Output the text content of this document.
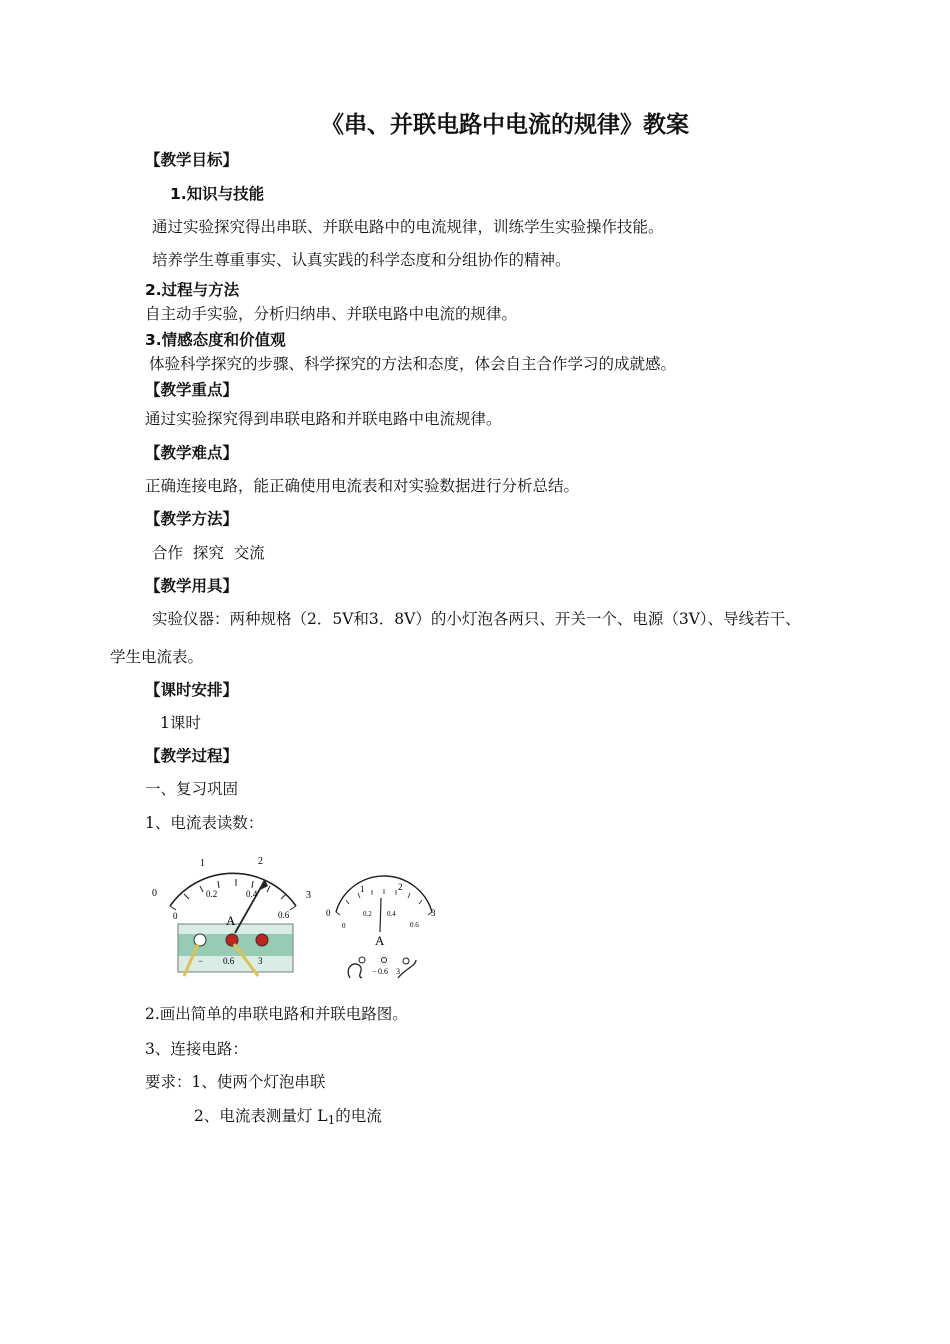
《串、并联电路中电流的规律》教案
【教学目标】
1.知识与技能
通过实验探究得出串联、并联电路中的电流规律，训练学生实验操作技能。
培养学生尊重事实、认真实践的科学态度和分组协作的精神。
2.过程与方法
自主动手实验，分析归纳串、并联电路中电流的规律。
3.情感态度和价值观
体验科学探究的步骤、科学探究的方法和态度，体会自主合作学习的成就感。
【教学重点】
通过实验探究得到串联电路和并联电路中电流规律。
【教学难点】
正确连接电路，能正确使用电流表和对实验数据进行分析总结。
【教学方法】
合作  探究  交流
【教学用具】
实验仪器：两种规格（2．5V和3．8V）的小灯泡各两只、开关一个、电源（3V）、导线若干、
学生电流表。
【课时安排】
1课时
【教学过程】
一、复习巩固
1、电流表读数：
0
1	2
3
0
0.2	0.4
0.6
A
− 0.6	3
0
1	2
3
0
0.2 0.4
0.6
A
− 0.6 3
2.画出简单的串联电路和并联电路图。
3、连接电路：
要求：1、使两个灯泡串联
2、电流表测量灯 $L_1$的电流
